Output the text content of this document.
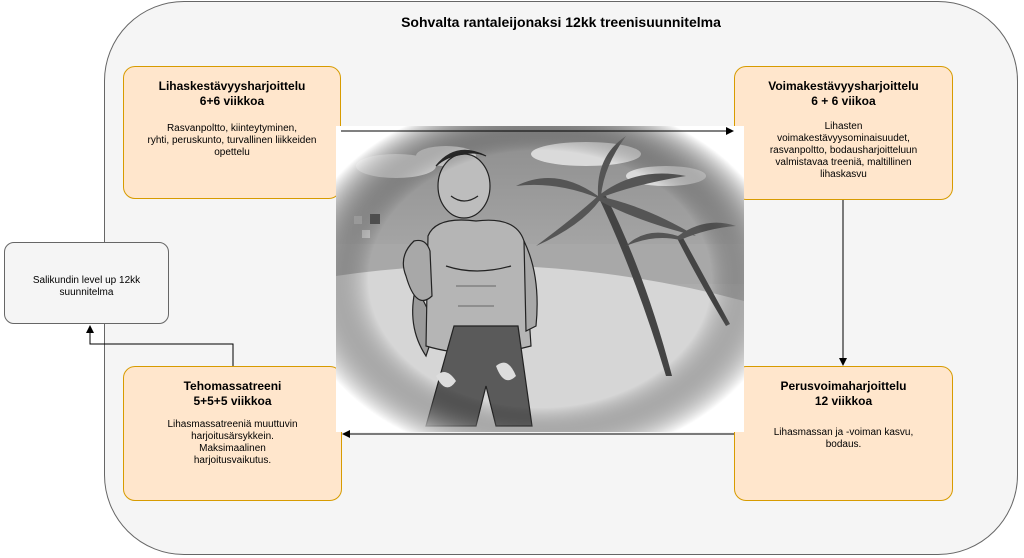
Sohvalta rantaleijonaksi 12kk treenisuunnitelma
Salikundin level up 12kk
suunnitelma
Lihaskestävyysharjoittelu
6+6 viikkoa
Rasvanpoltto, kiinteytyminen,
ryhti, peruskunto, turvallinen liikkeiden
opettelu
Voimakestävyysharjoittelu
6 + 6 viikoa
Lihasten
voimakestävyysominaisuudet,
rasvanpoltto, bodausharjoitteluun
valmistavaa treeniä, maltillinen
lihaskasvu
Perusvoimaharjoittelu
12 viikkoa
Lihasmassan ja -voiman kasvu,
bodaus.
Tehomassatreeni
5+5+5 viikkoa
Lihasmassatreeniä muuttuvin
harjoitusärsykkein.
Maksimaalinen
harjoitusvaikutus.
